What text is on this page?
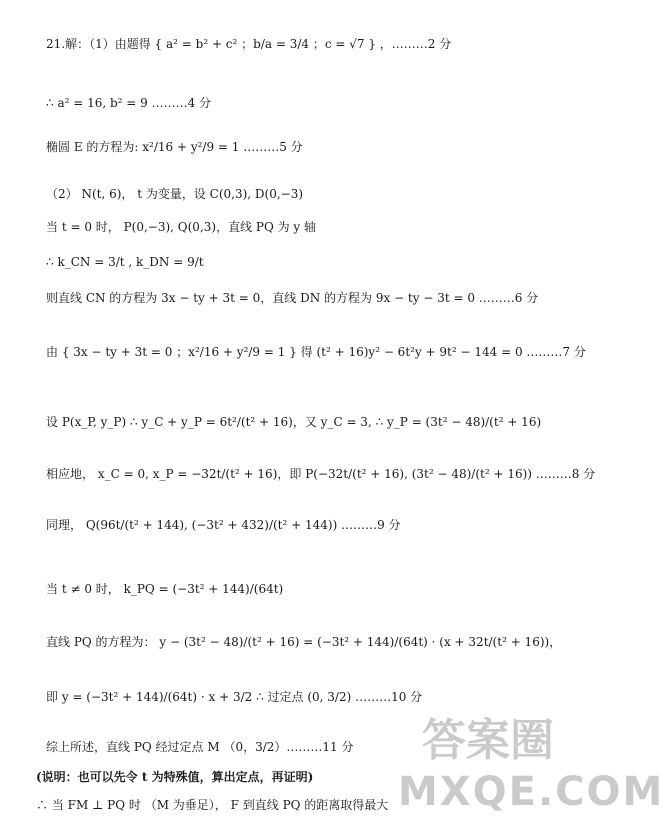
21.解：（1）由题得 { a² = b² + c² ；b/a = 3/4 ；c = √7 } ，………2 分
∴ a² = 16, b² = 9 ………4 分
椭圆 E 的方程为: x²/16 + y²/9 = 1 ………5 分
（2） N(t, 6)， t 为变量，设 C(0,3), D(0,−3)
当 t = 0 时， P(0,−3), Q(0,3)，直线 PQ 为 y 轴
∴ k_CN = 3/t , k_DN = 9/t
则直线 CN 的方程为 3x − ty + 3t = 0，直线 DN 的方程为 9x − ty − 3t = 0 ………6 分
由 { 3x − ty + 3t = 0 ；x²/16 + y²/9 = 1 } 得 (t² + 16)y² − 6t²y + 9t² − 144 = 0 ………7 分
设 P(x_P, y_P) ∴ y_C + y_P = 6t²/(t² + 16)，又 y_C = 3, ∴ y_P = (3t² − 48)/(t² + 16)
相应地， x_C = 0, x_P = −32t/(t² + 16)，即 P(−32t/(t² + 16), (3t² − 48)/(t² + 16)) ………8 分
同理， Q(96t/(t² + 144), (−3t² + 432)/(t² + 144)) ………9 分
当 t ≠ 0 时， k_PQ = (−3t² + 144)/(64t)
直线 PQ 的方程为： y − (3t² − 48)/(t² + 16) = (−3t² + 144)/(64t) · (x + 32t/(t² + 16))，
即 y = (−3t² + 144)/(64t) · x + 3/2 ∴ 过定点 (0, 3/2) ………10 分
综上所述，直线 PQ 经过定点 M （0，3/2）………11 分
(说明：也可以先令 t 为特殊值，算出定点，再证明)
∴ 当 FM ⊥ PQ 时 （M 为垂足）， F 到直线 PQ 的距离取得最大
答案圈
MXQE.COM
